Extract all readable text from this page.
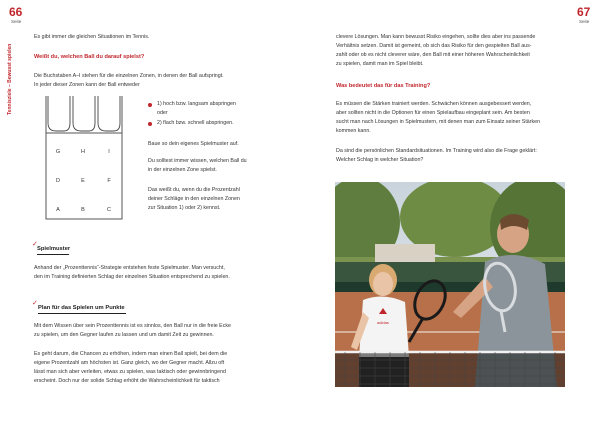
66
Seite
Tennisziele – Bewusst spielen
Es gibt immer die gleichen Situationen im Tennis.
Weißt du, welchen Ball du darauf spielst?
Die Buchstaben A–I stehen für die einzelnen Zonen, in denen der Ball aufspringt.
In jeder dieser Zonen kann der Ball entweder
G	H	I
D	E	F
A	B	C
1) hoch bzw. langsam abspringen
oder
2) flach bzw. schnell abspringen.
Baue so dein eigenes Spielmuster auf.
Du solltest immer wissen, welchen Ball du
in der einzelnen Zone spielst.
Das weißt du, wenn du die Prozentzahl
deiner Schläge in den einzelnen Zonen
zur Situation 1) oder 2) kennst.
✓
Spielmuster
Anhand der „Prozenttennis“-Strategie entstehen feste Spielmuster. Man versucht,
den im Training definierten Schlag der einzelnen Situation entsprechend zu spielen.
✓
Plan für das Spielen um Punkte
Mit dem Wissen über sein Prozenttennis ist es sinnlos, den Ball nur in die freie Ecke
zu spielen, um den Gegner laufen zu lassen und um damit Zeit zu gewinnen.
Es geht darum, die Chancen zu erhöhen, indem man einen Ball spielt, bei dem die
eigene Prozentzahl am höchsten ist. Ganz gleich, wo der Gegner macht. Allzu oft
lässt man sich aber verleiten, etwas zu spielen, was taktisch oder gewinnbringend
erscheint. Doch nur der solide Schlag erhöht die Wahrscheinlichkeit für taktisch
67
Seite
clevere Lösungen. Man kann bewusst Risiko eingehen, sollte dies aber ins passende
Verhältnis setzen. Damit ist gemeint, ob sich das Risiko für den gespielten Ball aus-
zahlt oder ob es nicht cleverer wäre, den Ball mit einer höheren Wahrscheinlichkeit
zu spielen, damit man im Spiel bleibt.
Was bedeutet das für das Training?
Es müssen die Stärken trainiert werden. Schwächen können ausgebessert werden,
aber sollten nicht in die Optionen für einen Spielaufbau eingeplant sein. Am besten
sucht man nach Lösungen in Spielmustern, mit denen man zum Einsatz seiner Stärken
kommen kann.
Da sind die persönlichen Standardsituationen. Im Training wird also die Frage geklärt:
Welcher Schlag in welcher Situation?
adidas
